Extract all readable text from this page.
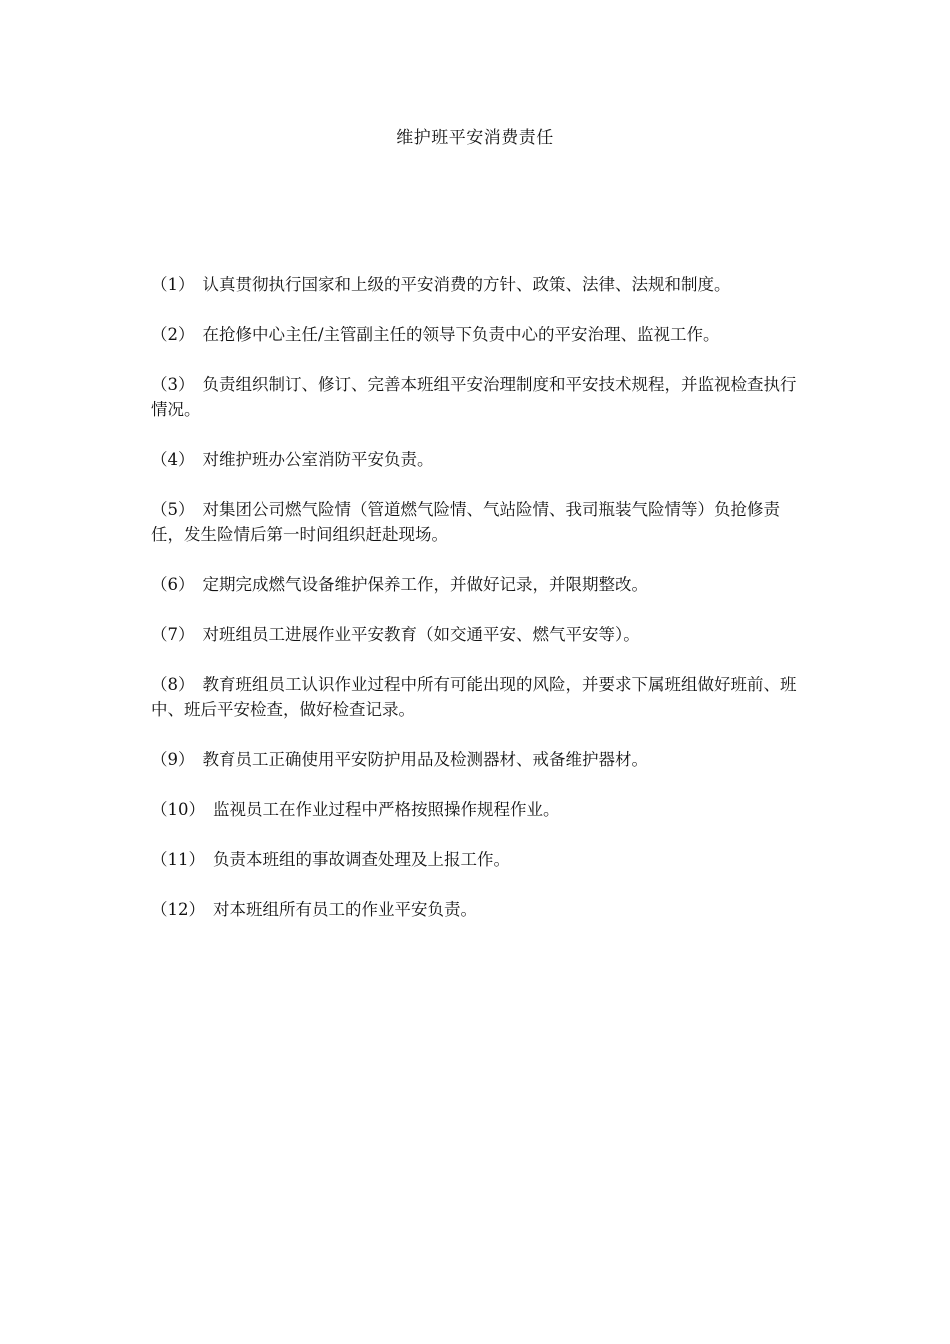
维护班平安消费责任

（1） 认真贯彻执行国家和上级的平安消费的方针、政策、法律、法规和制度。

（2） 在抢修中心主任/主管副主任的领导下负责中心的平安治理、监视工作。

（3） 负责组织制订、修订、完善本班组平安治理制度和平安技术规程，并监视检查执行情况。

（4） 对维护班办公室消防平安负责。

（5） 对集团公司燃气险情（管道燃气险情、气站险情、我司瓶装气险情等）负抢修责任，发生险情后第一时间组织赶赴现场。

（6） 定期完成燃气设备维护保养工作，并做好记录，并限期整改。

（7） 对班组员工进展作业平安教育（如交通平安、燃气平安等）。

（8） 教育班组员工认识作业过程中所有可能出现的风险，并要求下属班组做好班前、班中、班后平安检查，做好检查记录。

（9） 教育员工正确使用平安防护用品及检测器材、戒备维护器材。

（10） 监视员工在作业过程中严格按照操作规程作业。

（11） 负责本班组的事故调查处理及上报工作。

（12） 对本班组所有员工的作业平安负责。
